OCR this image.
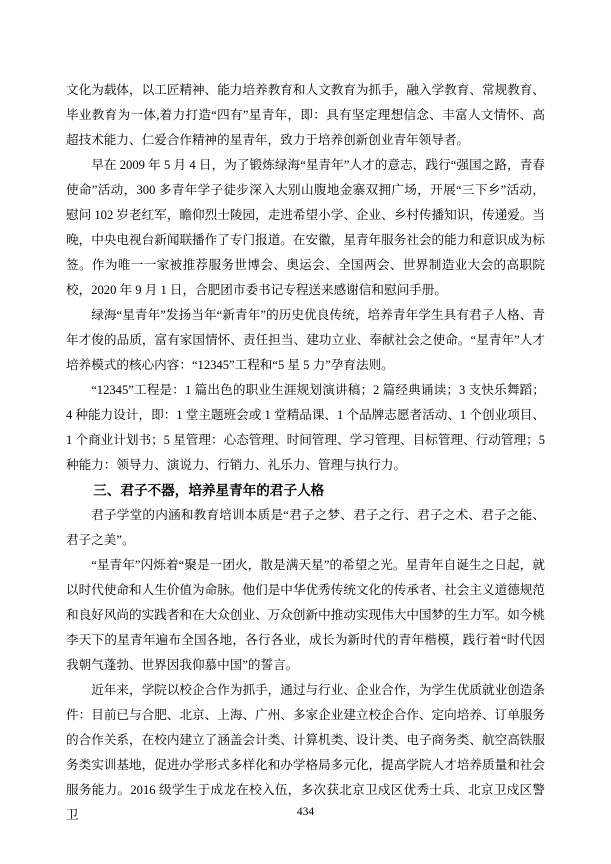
文化为载体，以工匠精神、能力培养教育和人文教育为抓手，融入学教育、常规教育、毕业教育为一体,着力打造“四有”星青年，即：具有坚定理想信念、丰富人文情怀、高超技术能力、仁爱合作精神的星青年，致力于培养创新创业青年领导者。

早在 2009 年 5 月 4 日，为了锻炼绿海“星青年”人才的意志，践行“强国之路，青春使命”活动，300 多青年学子徒步深入大别山腹地金寨双拥广场，开展“三下乡”活动，慰问 102 岁老红军，瞻仰烈士陵园，走进希望小学、企业、乡村传播知识，传递爱。当晚，中央电视台新闻联播作了专门报道。在安徽，星青年服务社会的能力和意识成为标签。作为唯一一家被推荐服务世博会、奥运会、全国两会、世界制造业大会的高职院校，2020 年 9 月 1 日，合肥团市委书记专程送来感谢信和慰问手册。

绿海“星青年”发扬当年“新青年”的历史优良传统，培养青年学生具有君子人格、青年才俊的品质，富有家国情怀、责任担当、建功立业、奉献社会之使命。“星青年”人才培养模式的核心内容：“12345”工程和“5 星 5 力”孕育法则。

“12345”工程是：1 篇出色的职业生涯规划演讲稿；2 篇经典诵读；3 支快乐舞蹈；4 种能力设计，即：1 堂主题班会或 1 堂精品课、1 个品牌志愿者活动、1 个创业项目、1 个商业计划书；5 星管理：心态管理、时间管理、学习管理、目标管理、行动管理；5 种能力：领导力、演说力、行销力、礼乐力、管理与执行力。

三、君子不器，培养星青年的君子人格

君子学堂的内涵和教育培训本质是“君子之梦、君子之行、君子之术、君子之能、君子之美”。

“星青年”闪烁着“聚是一团火，散是满天星”的希望之光。星青年自诞生之日起，就以时代使命和人生价值为命脉。他们是中华优秀传统文化的传承者、社会主义道德规范和良好风尚的实践者和在大众创业、万众创新中推动实现伟大中国梦的生力军。如今桃李天下的星青年遍布全国各地，各行各业，成长为新时代的青年楷模，践行着“时代因我朝气蓬勃、世界因我仰慕中国”的誓言。

近年来，学院以校企合作为抓手，通过与行业、企业合作，为学生优质就业创造条件：目前已与合肥、北京、上海、广州、多家企业建立校企合作、定向培养、订单服务的合作关系，在校内建立了涵盖会计类、计算机类、设计类、电子商务类、航空高铁服务类实训基地，促进办学形式多样化和办学格局多元化，提高学院人才培养质量和社会服务能力。2016 级学生于成龙在校入伍，多次获北京卫戍区优秀士兵、北京卫戍区警卫	434
